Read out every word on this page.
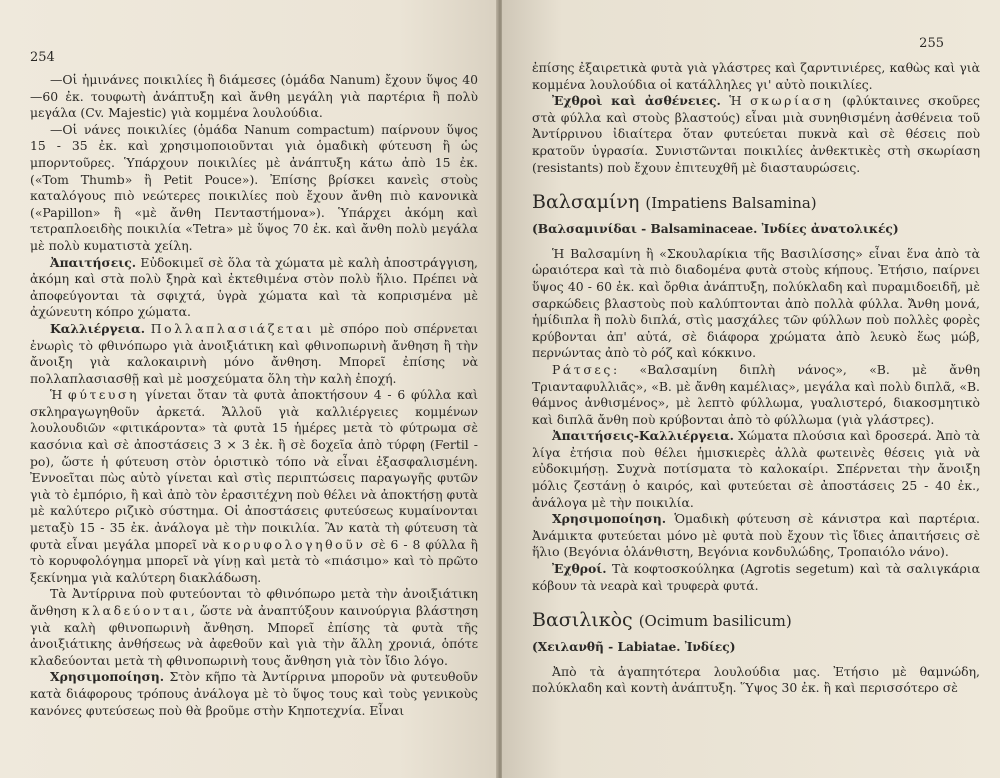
254

—Οἱ ἡμινάνες ποικιλίες ἢ διάμεσες (ὁμάδα Nanum) ἔχουν ὕψος 40—60 ἐκ. τουφωτὴ ἀνάπτυξη καὶ ἄνθη μεγάλη γιὰ παρτέρια ἢ πολὺ μεγάλα (Cv. Majestic) γιὰ κομμένα λουλούδια.

—Οἱ νάνες ποικιλίες (ὁμάδα Nanum compactum) παίρνουν ὕψος 15 - 35 ἐκ. καὶ χρησιμοποιοῦνται γιὰ ὁμαδικὴ φύτευση ἢ ὡς μπορντοῦρες. Ὑπάρχουν ποικιλίες μὲ ἀνάπτυξη κάτω ἀπὸ 15 ἐκ. («Tom Thumb» ἢ Petit Pouce»). Ἐπίσης βρίσκει κανεὶς στοὺς καταλόγους πιὸ νεώτερες ποικιλίες ποὺ ἔχουν ἄνθη πιὸ κανονικὰ («Papillon» ἢ «μὲ ἄνθη Πενταστήμονα»). Ὑπάρχει ἀκόμη καὶ τετραπλοειδὴς ποικιλία «Tetra» μὲ ὕψος 70 ἐκ. καὶ ἄνθη πολὺ μεγάλα μὲ πολὺ κυματιστὰ χείλη.

Ἀπαιτήσεις. Εὐδοκιμεῖ σὲ ὅλα τὰ χώματα μὲ καλὴ ἀποστράγγιση, ἀκόμη καὶ στὰ πολὺ ξηρὰ καὶ ἐκτεθιμένα στὸν πολὺ ἥλιο. Πρέπει νὰ ἀποφεύγονται τὰ σφιχτά, ὑγρὰ χώματα καὶ τὰ κοπρισμένα μὲ ἀχώνευτη κόπρο χώματα.

Καλλιέργεια. Πολλαπλασιάζεται μὲ σπόρο ποὺ σπέρνεται ἐνωρὶς τὸ φθινόπωρο γιὰ ἀνοιξιάτικη καὶ φθινοπωρινὴ ἄνθηση ἢ τὴν ἄνοιξη γιὰ καλοκαιρινὴ μόνο ἄνθηση. Μπορεῖ ἐπίσης νὰ πολλαπλασιασθῇ καὶ μὲ μοσχεύματα ὅλη τὴν καλὴ ἐποχή.

Ἡ φύτευση γίνεται ὅταν τὰ φυτὰ ἀποκτήσουν 4 - 6 φύλλα καὶ σκληραγωγηθοῦν ἀρκετά. Ἄλλοῦ γιὰ καλλιέργειες κομμένων λουλουδιῶν «φιτικάροντα» τὰ φυτὰ 15 ἡμέρες μετὰ τὸ φύτρωμα σὲ κασόνια καὶ σὲ ἀποστάσεις 3 × 3 ἐκ. ἢ σὲ δοχεῖα ἀπὸ τύρφη (Fertil - po), ὥστε ἡ φύτευση στὸν ὁριστικὸ τόπο νὰ εἶναι ἐξασφαλισμένη. Ἐννοεῖται πὼς αὐτὸ γίνεται καὶ στὶς περιπτώσεις παραγωγῆς φυτῶν γιὰ τὸ ἐμπόριο, ἢ καὶ ἀπὸ τὸν ἐρασιτέχνη ποὺ θέλει νὰ ἀποκτήσῃ φυτὰ μὲ καλύτερο ριζικὸ σύστημα. Οἱ ἀποστάσεις φυτεύσεως κυμαίνονται μεταξὺ 15 - 35 ἐκ. ἀνάλογα μὲ τὴν ποικιλία. Ἂν κατὰ τὴ φύτευση τὰ φυτὰ εἶναι μεγάλα μπορεῖ νὰ κορυφολογηθοῦν σὲ 6 - 8 φύλλα ἢ τὸ κορυφολόγημα μπορεῖ νὰ γίνῃ καὶ μετὰ τὸ «πιάσιμο» καὶ τὸ πρῶτο ξεκίνημα γιὰ καλύτερη διακλάδωση.

Τὰ Ἀντίρρινα ποὺ φυτεύονται τὸ φθινόπωρο μετὰ τὴν ἀνοιξιάτικη ἄνθηση κλαδεύονται, ὥστε νὰ ἀναπτύξουν καινούργια βλάστηση γιὰ καλὴ φθινοπωρινὴ ἄνθηση. Μπορεῖ ἐπίσης τὰ φυτὰ τῆς ἀνοιξιάτικης ἀνθήσεως νὰ ἀφεθοῦν καὶ γιὰ τὴν ἄλλη χρονιά, ὁπότε κλαδεύονται μετὰ τὴ φθινοπωρινὴ τους ἄνθηση γιὰ τὸν ἴδιο λόγο.

Χρησιμοποίηση. Στὸν κῆπο τὰ Ἀντίρρινα μποροῦν νὰ φυτευθοῦν κατὰ διάφορους τρόπους ἀνάλογα μὲ τὸ ὕψος τους καὶ τοὺς γενικοὺς κανόνες φυτεύσεως ποὺ θὰ βροῦμε στὴν Κηποτεχνία. Εἶναι

255

ἐπίσης ἐξαιρετικὰ φυτὰ γιὰ γλάστρες καὶ ζαρντινιέρες, καθὼς καὶ γιὰ κομμένα λουλούδια οἱ κατάλληλες γι' αὐτὸ ποικιλίες.

Ἐχθροὶ καὶ ἀσθένειες. Ἡ σκωρίαση (φλύκταινες σκοῦρες στὰ φύλλα καὶ στοὺς βλαστούς) εἶναι μιὰ συνηθισμένη ἀσθένεια τοῦ Ἀντίρρινου ἰδιαίτερα ὅταν φυτεύεται πυκνὰ καὶ σὲ θέσεις ποὺ κρατοῦν ὑγρασία. Συνιστῶνται ποικιλίες ἀνθεκτικὲς στὴ σκωρίαση (resistants) ποὺ ἔχουν ἐπιτευχθῆ μὲ διασταυρώσεις.

Βαλσαμίνη (Impatiens Balsamina)

(Βαλσαμινίδαι - Balsaminaceae. Ἰνδίες ἀνατολικές)

Ἡ Βαλσαμίνη ἢ «Σκουλαρίκια τῆς Βασιλίσσης» εἶναι ἕνα ἀπὸ τὰ ὡραιότερα καὶ τὰ πιὸ διαδομένα φυτὰ στοὺς κήπους. Ἐτήσιο, παίρνει ὕψος 40 - 60 ἐκ. καὶ ὄρθια ἀνάπτυξη, πολύκλαδη καὶ πυραμιδοειδῆ, μὲ σαρκώδεις βλαστοὺς ποὺ καλύπτονται ἀπὸ πολλὰ φύλλα. Ἄνθη μονά, ἡμίδιπλα ἢ πολὺ διπλά, στὶς μασχάλες τῶν φύλλων ποὺ πολλὲς φορὲς κρύβονται ἀπ' αὐτά, σὲ διάφορα χρώματα ἀπὸ λευκὸ ἕως μώβ, περνώντας ἀπὸ τὸ ρόζ καὶ κόκκινο.

Ράτσες: «Βαλσαμίνη διπλὴ νάνος», «Β. μὲ ἄνθη Τριανταφυλλιᾶς», «Β. μὲ ἄνθη καμέλιας», μεγάλα καὶ πολὺ διπλᾶ, «Β. θάμνος ἀνθισμένος», μὲ λεπτὸ φύλλωμα, γυαλιστερό, διακοσμητικὸ καὶ διπλᾶ ἄνθη ποὺ κρύβονται ἀπὸ τὸ φύλλωμα (γιὰ γλάστρες).

Ἀπαιτήσεις-Καλλιέργεια. Χώματα πλούσια καὶ δροσερά. Ἀπὸ τὰ λίγα ἐτήσια ποὺ θέλει ἡμισκιερὲς ἀλλὰ φωτεινὲς θέσεις γιὰ νὰ εὐδοκιμήσῃ. Συχνὰ ποτίσματα τὸ καλοκαίρι. Σπέρνεται τὴν ἄνοιξη μόλις ζεστάνῃ ὁ καιρός, καὶ φυτεύεται σὲ ἀποστάσεις 25 - 40 ἐκ., ἀνάλογα μὲ τὴν ποικιλία.

Χρησιμοποίηση. Ὁμαδικὴ φύτευση σὲ κάνιστρα καὶ παρτέρια. Ἀνάμικτα φυτεύεται μόνο μὲ φυτὰ ποὺ ἔχουν τὶς ἴδιες ἀπαιτήσεις σὲ ἥλιο (Βεγόνια ὁλάνθιστη, Βεγόνια κονδυλώδης, Τροπαιόλο νάνο).

Ἐχθροί. Τὰ κοφτοσκούληκα (Agrotis segetum) καὶ τὰ σαλιγκάρια κόβουν τὰ νεαρὰ καὶ τρυφερὰ φυτά.

Βασιλικὸς (Ocimum basilicum)

(Χειλανθῆ - Labiatae. Ἰνδίες)

Ἀπὸ τὰ ἀγαπητότερα λουλούδια μας. Ἐτήσιο μὲ θαμνώδη, πολύκλαδη καὶ κοντὴ ἀνάπτυξη. Ὕψος 30 ἐκ. ἢ καὶ περισσότερο σὲ
